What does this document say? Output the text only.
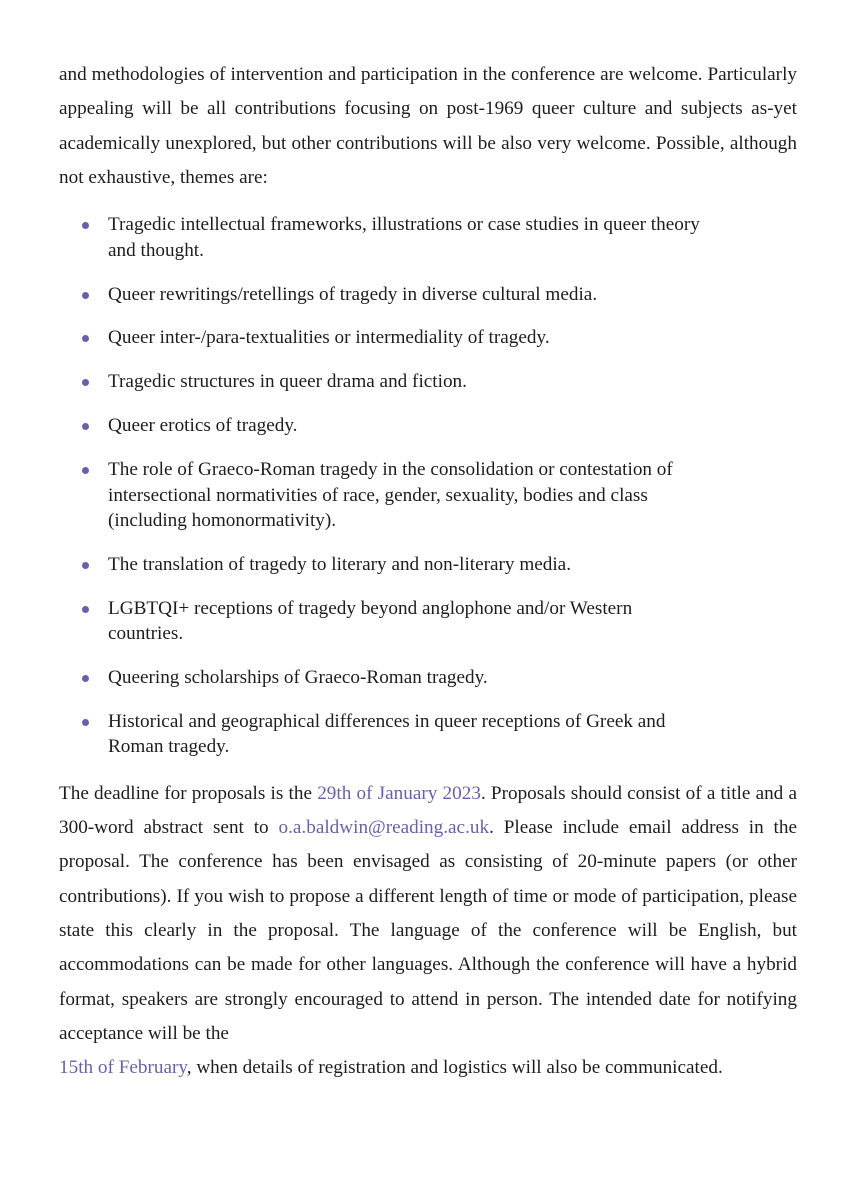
and methodologies of intervention and participation in the conference are welcome. Particularly appealing will be all contributions focusing on post-1969 queer culture and subjects as-yet academically unexplored, but other contributions will be also very welcome. Possible, although not exhaustive, themes are:

Tragedic intellectual frameworks, illustrations or case studies in queer theory and thought.
Queer rewritings/retellings of tragedy in diverse cultural media.
Queer inter-/para-textualities or intermediality of tragedy.
Tragedic structures in queer drama and fiction.
Queer erotics of tragedy.
The role of Graeco-Roman tragedy in the consolidation or contestation of intersectional normativities of race, gender, sexuality, bodies and class (including homonormativity).
The translation of tragedy to literary and non-literary media.
LGBTQI+ receptions of tragedy beyond anglophone and/or Western countries.
Queering scholarships of Graeco-Roman tragedy.
Historical and geographical differences in queer receptions of Greek and Roman tragedy.

The deadline for proposals is the 29th of January 2023. Proposals should consist of a title and a 300-word abstract sent to o.a.baldwin@reading.ac.uk. Please include email address in the proposal. The conference has been envisaged as consisting of 20-minute papers (or other contributions). If you wish to propose a different length of time or mode of participation, please state this clearly in the proposal. The language of the conference will be English, but accommodations can be made for other languages. Although the conference will have a hybrid format, speakers are strongly encouraged to attend in person. The intended date for notifying acceptance will be the
15th of February, when details of registration and logistics will also be communicated.
